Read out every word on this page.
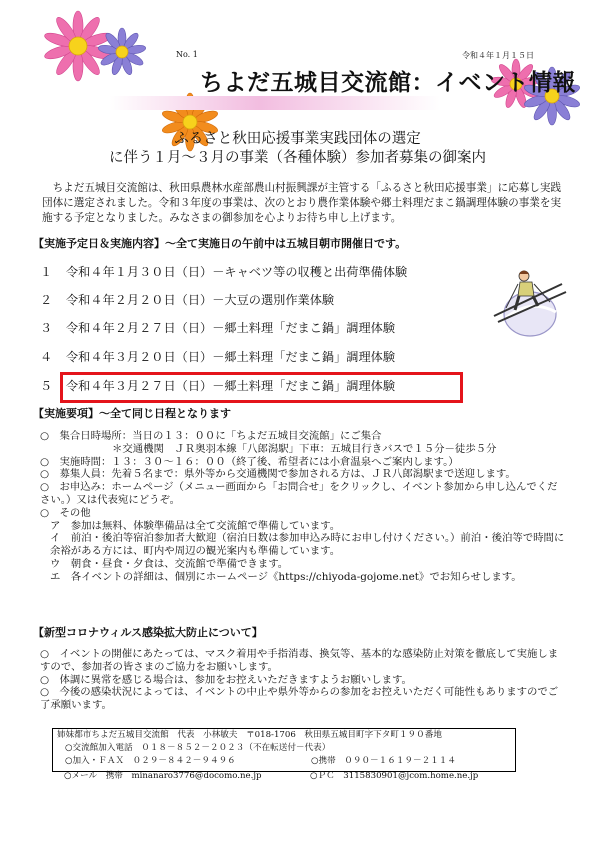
No. 1	令和４年１月１５日
ちよだ五城目交流館：イベント情報
ふるさと秋田応援事業実践団体の選定
に伴う１月～３月の事業（各種体験）参加者募集の御案内
ちよだ五城目交流館は、秋田県農林水産部農山村振興課が主管する「ふるさと秋田応援事業」に応募し実践団体に選定されました。令和３年度の事業は、次のとおり農作業体験や郷土料理だまこ鍋調理体験の事業を実施する予定となりました。みなさまの御参加を心よりお待ち申し上げます。
【実施予定日＆実施内容】～全て実施日の午前中は五城目朝市開催日です。
１ 令和４年１月３０日（日）－キャベツ等の収穫と出荷準備体験
２ 令和４年２月２０日（日）－大豆の選別作業体験
３ 令和４年２月２７日（日）－郷土料理「だまこ鍋」調理体験
４ 令和４年３月２０日（日）－郷土料理「だまこ鍋」調理体験
５ 令和４年３月２７日（日）－郷土料理「だまこ鍋」調理体験
【実施要項】～全て同じ日程となります
○　集合日時場所：当日の１３：００に「ちよだ五城目交流館」にご集合
＊交通機関　ＪＲ奥羽本線「八郎潟駅」下車：五城目行きバスで１５分－徒歩５分
○　実施時間：１３：３０～１６：００（終了後、希望者には小倉温泉へご案内します。）
○　募集人員：先着５名まで：県外等から交通機関で参加される方は、ＪＲ八郎潟駅まで送迎します。
○　お申込み：ホームページ（メニュー画面から「お問合せ」をクリックし、イベント参加から申し込んでください。）又は代表宛にどうぞ。
○　その他
ア　参加は無料、体験準備品は全て交流館で準備しています。
イ　前泊・後泊等宿泊参加者大歓迎（宿泊日数は参加申込み時にお申し付けください。）前泊・後泊等で時間に余裕がある方には、町内や周辺の観光案内も準備しています。
ウ　朝食・昼食・夕食は、交流館で準備できます。
エ　各イベントの詳細は、個別にホームページ《https://chiyoda-gojome.net》でお知らせします。
【新型コロナウィルス感染拡大防止について】
○　イベントの開催にあたっては、マスク着用や手指消毒、換気等、基本的な感染防止対策を徹底して実施しますので、参加者の皆さまのご協力をお願いします。
○　体調に異常を感じる場合は、参加をお控えいただきますようお願いします。
○　今後の感染状況によっては、イベントの中止や県外等からの参加をお控えいただく可能性もありますのでご了承願います。
姉妹都市ちよだ五城目交流館　代表　小林敏夫　〒018-1706　秋田県五城目町字下タ町１９０番地
○交流館加入電話　０１８－８５２－２０２３（不在転送付－代表）
○加入・ＦＡＸ　０２９－８４２－９４９６	○携帯　０９０－１６１９－２１１４
○メール　携帯　minanaro3776@docomo.ne.jp	○ＰＣ　3115830901@jcom.home.ne.jp
